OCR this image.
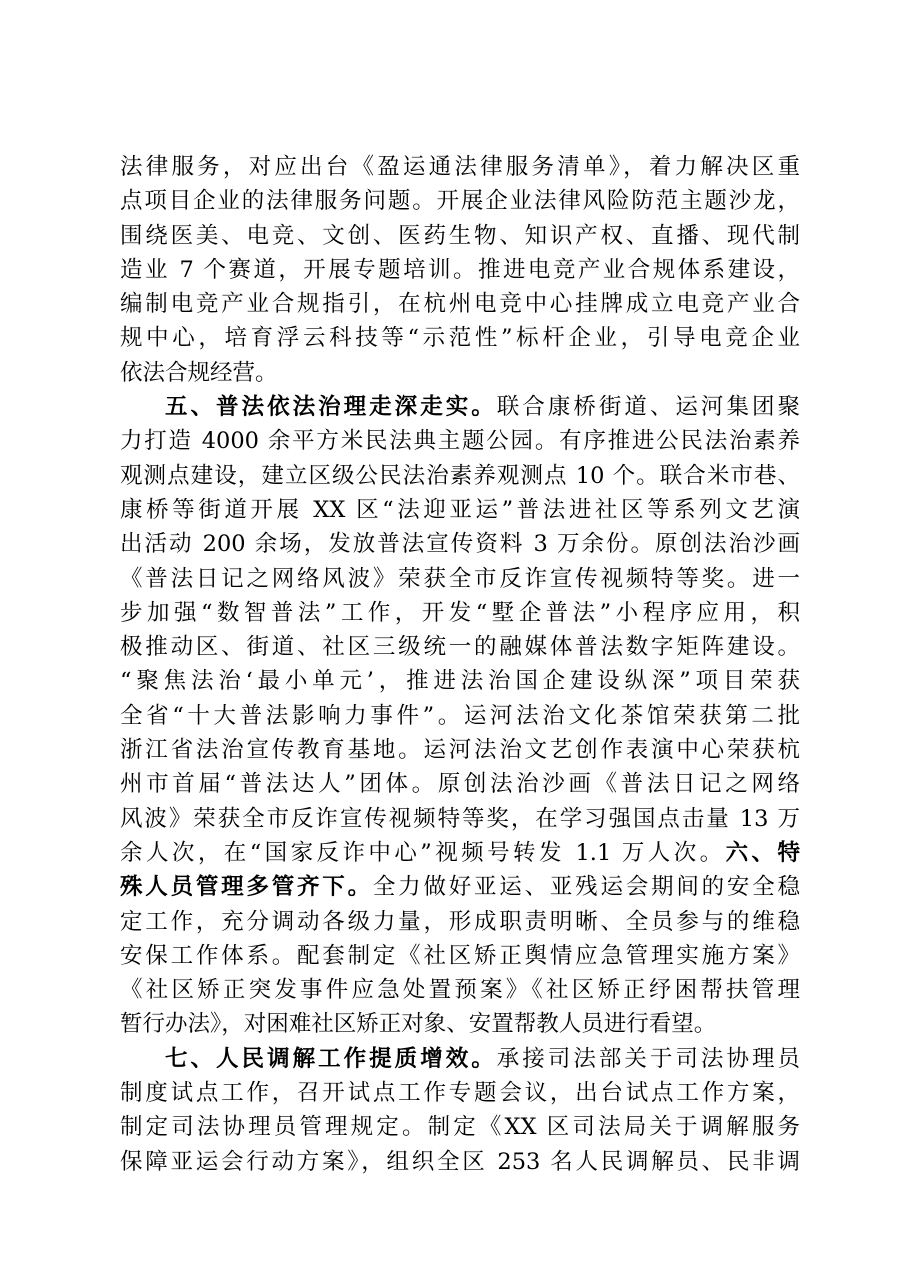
法律服务，对应出台《盈运通法律服务清单》，着力解决区重
点项目企业的法律服务问题。开展企业法律风险防范主题沙龙，
围绕医美、电竞、文创、医药生物、知识产权、直播、现代制
造业 7 个赛道，开展专题培训。推进电竞产业合规体系建设，
编制电竞产业合规指引，在杭州电竞中心挂牌成立电竞产业合
规中心，培育浮云科技等“示范性”标杆企业，引导电竞企业
依法合规经营。
五、普法依法治理走深走实。联合康桥街道、运河集团聚
力打造 4000 余平方米民法典主题公园。有序推进公民法治素养
观测点建设，建立区级公民法治素养观测点 10 个。联合米市巷、
康桥等街道开展 XX 区“法迎亚运”普法进社区等系列文艺演
出活动 200 余场，发放普法宣传资料 3 万余份。原创法治沙画
《普法日记之网络风波》荣获全市反诈宣传视频特等奖。进一
步加强“数智普法”工作，开发“墅企普法”小程序应用，积
极推动区、街道、社区三级统一的融媒体普法数字矩阵建设。
“聚焦法治‘最小单元’，推进法治国企建设纵深”项目荣获
全省“十大普法影响力事件”。运河法治文化茶馆荣获第二批
浙江省法治宣传教育基地。运河法治文艺创作表演中心荣获杭
州市首届“普法达人”团体。原创法治沙画《普法日记之网络
风波》荣获全市反诈宣传视频特等奖，在学习强国点击量 13 万
余人次，在“国家反诈中心”视频号转发 1.1 万人次。六、特
殊人员管理多管齐下。全力做好亚运、亚残运会期间的安全稳
定工作，充分调动各级力量，形成职责明晰、全员参与的维稳
安保工作体系。配套制定《社区矫正舆情应急管理实施方案》
《社区矫正突发事件应急处置预案》《社区矫正纾困帮扶管理
暂行办法》，对困难社区矫正对象、安置帮教人员进行看望。
七、人民调解工作提质增效。承接司法部关于司法协理员
制度试点工作，召开试点工作专题会议，出台试点工作方案，
制定司法协理员管理规定。制定《XX 区司法局关于调解服务
保障亚运会行动方案》，组织全区 253 名人民调解员、民非调
